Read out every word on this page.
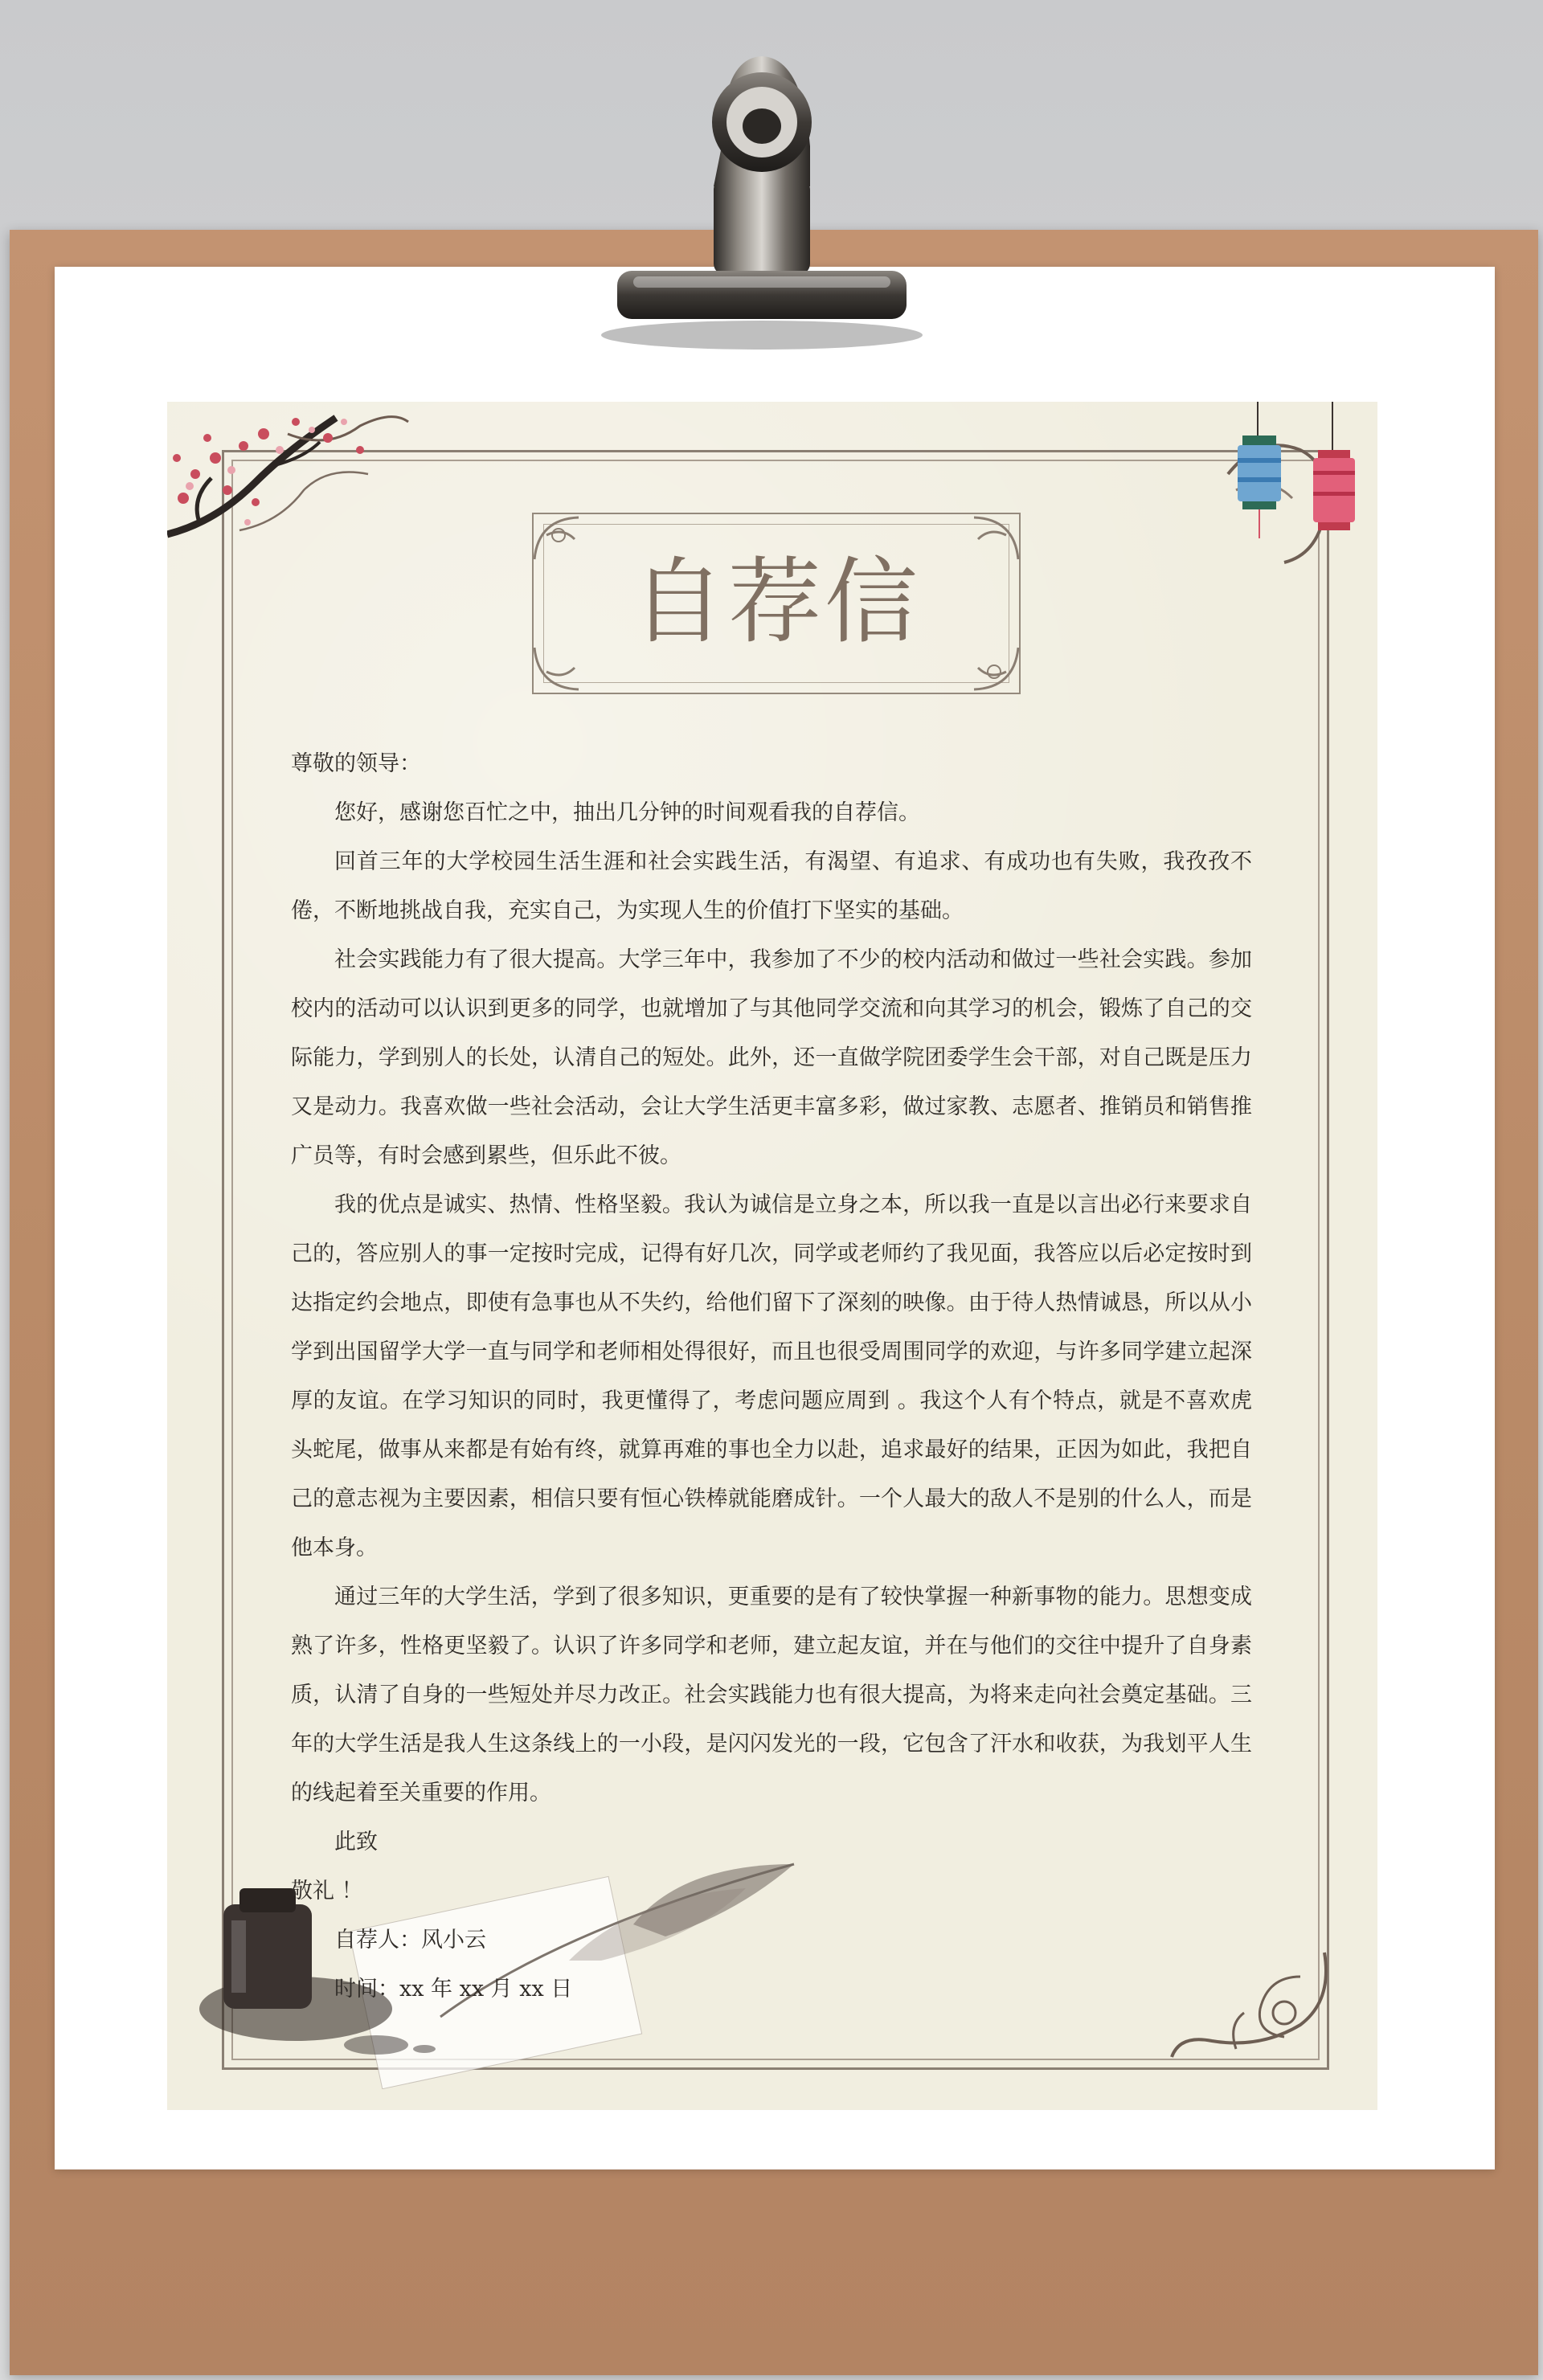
自荐信

尊敬的领导：

您好，感谢您百忙之中，抽出几分钟的时间观看我的自荐信。

回首三年的大学校园生活生涯和社会实践生活，有渴望、有追求、有成功也有失败，我孜孜不倦，不断地挑战自我，充实自己，为实现人生的价值打下坚实的基础。

社会实践能力有了很大提高。大学三年中，我参加了不少的校内活动和做过一些社会实践。参加校内的活动可以认识到更多的同学，也就增加了与其他同学交流和向其学习的机会，锻炼了自己的交际能力，学到别人的长处，认清自己的短处。此外，还一直做学院团委学生会干部，对自己既是压力又是动力。我喜欢做一些社会活动，会让大学生活更丰富多彩，做过家教、志愿者、推销员和销售推广员等，有时会感到累些，但乐此不彼。

我的优点是诚实、热情、性格坚毅。我认为诚信是立身之本，所以我一直是以言出必行来要求自己的，答应别人的事一定按时完成，记得有好几次，同学或老师约了我见面，我答应以后必定按时到达指定约会地点，即使有急事也从不失约，给他们留下了深刻的映像。由于待人热情诚恳，所以从小学到出国留学大学一直与同学和老师相处得很好，而且也很受周围同学的欢迎，与许多同学建立起深厚的友谊。在学习知识的同时，我更懂得了，考虑问题应周到 。我这个人有个特点，就是不喜欢虎头蛇尾，做事从来都是有始有终，就算再难的事也全力以赴，追求最好的结果，正因为如此，我把自己的意志视为主要因素，相信只要有恒心铁棒就能磨成针。一个人最大的敌人不是别的什么人，而是他本身。

通过三年的大学生活，学到了很多知识，更重要的是有了较快掌握一种新事物的能力。思想变成熟了许多，性格更坚毅了。认识了许多同学和老师，建立起友谊，并在与他们的交往中提升了自身素质，认清了自身的一些短处并尽力改正。社会实践能力也有很大提高，为将来走向社会奠定基础。三年的大学生活是我人生这条线上的一小段，是闪闪发光的一段，它包含了汗水和收获，为我划平人生的线起着至关重要的作用。

此致

敬礼 ！

自荐人：风小云

时间：xx 年 xx 月 xx 日
